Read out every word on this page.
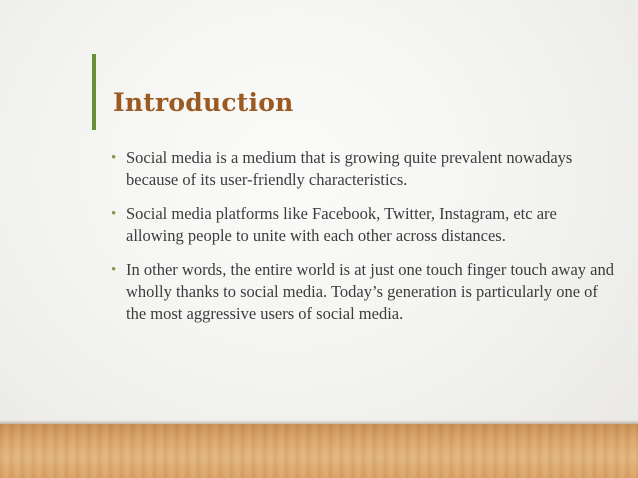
Introduction
• Social media is a medium that is growing quite prevalent nowadays because of its user-friendly characteristics.
• Social media platforms like Facebook, Twitter, Instagram, etc are allowing people to unite with each other across distances.
• In other words, the entire world is at just one touch finger touch away and wholly thanks to social media. Today’s generation is particularly one of the most aggressive users of social media.
